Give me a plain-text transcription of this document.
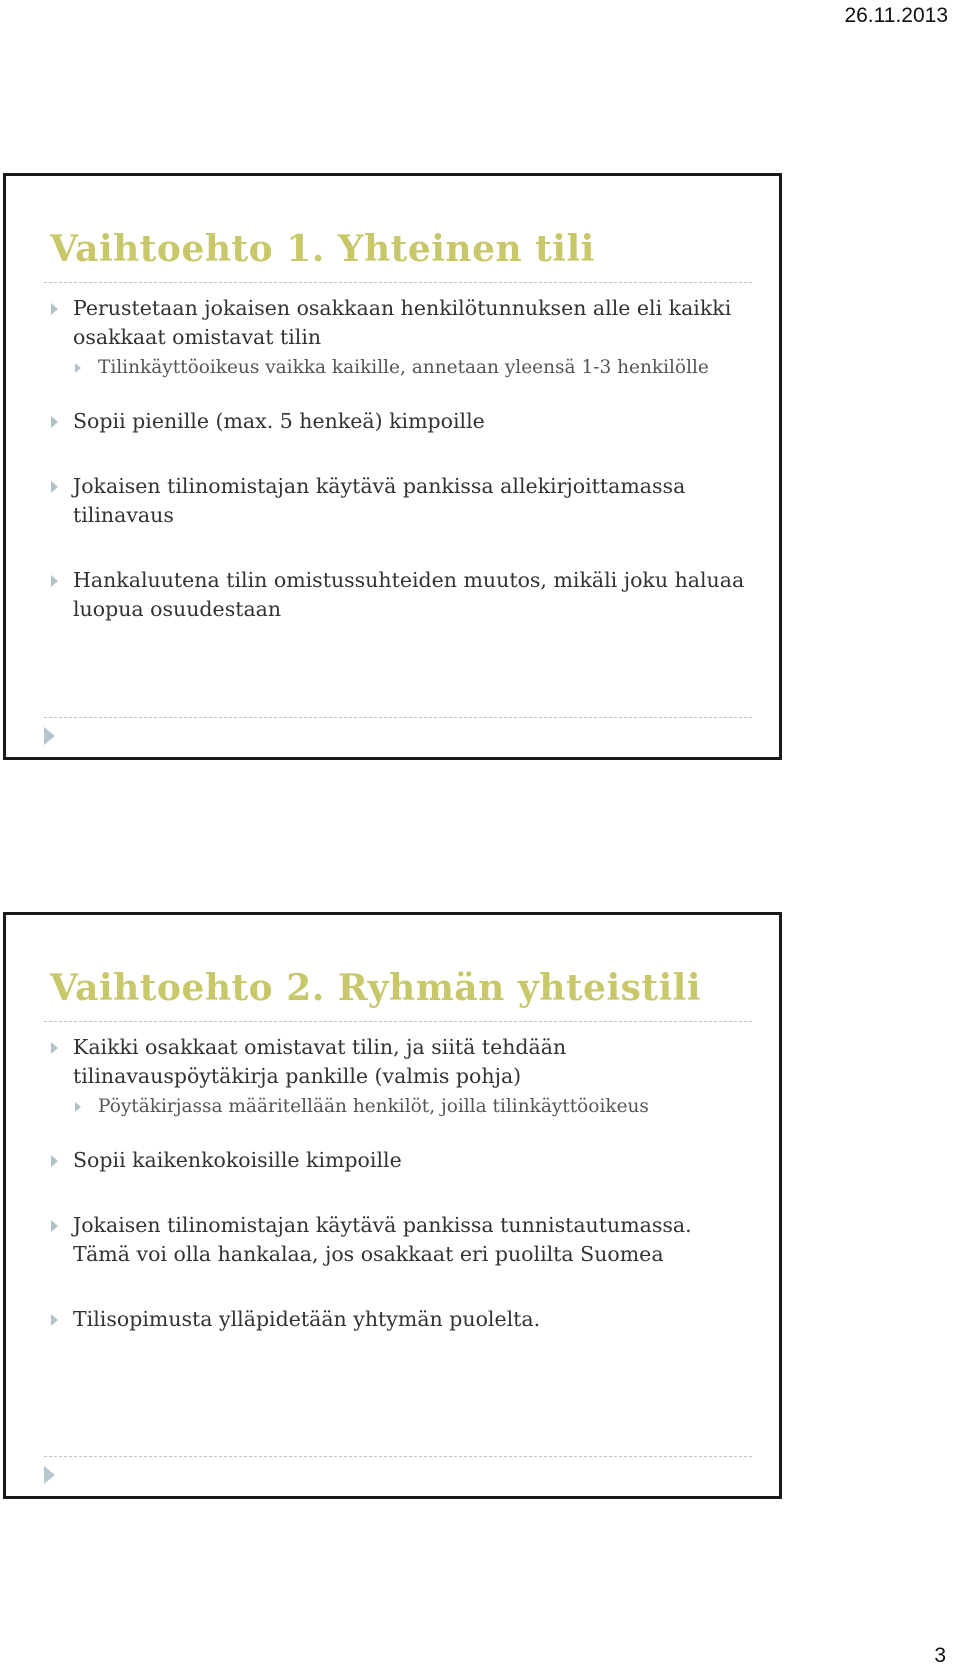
26.11.2013
Vaihtoehto 1. Yhteinen tili
Perustetaan jokaisen osakkaan henkilötunnuksen alle eli kaikki osakkaat omistavat tilin
Tilinkäyttöoikeus vaikka kaikille, annetaan yleensä 1-3 henkilölle
Sopii pienille (max. 5 henkeä) kimpoille
Jokaisen tilinomistajan käytävä pankissa allekirjoittamassa tilinavaus
Hankaluutena tilin omistussuhteiden muutos, mikäli joku haluaa luopua osuudestaan
Vaihtoehto 2. Ryhmän yhteistili
Kaikki osakkaat omistavat tilin, ja siitä tehdään tilinavauspöytäkirja pankille (valmis pohja)
Pöytäkirjassa määritellään henkilöt, joilla tilinkäyttöoikeus
Sopii kaikenkokoisille kimpoille
Jokaisen tilinomistajan käytävä pankissa tunnistautumassa. Tämä voi olla hankalaa, jos osakkaat eri puolilta Suomea
Tilisopimusta ylläpidetään yhtymän puolelta.
3
